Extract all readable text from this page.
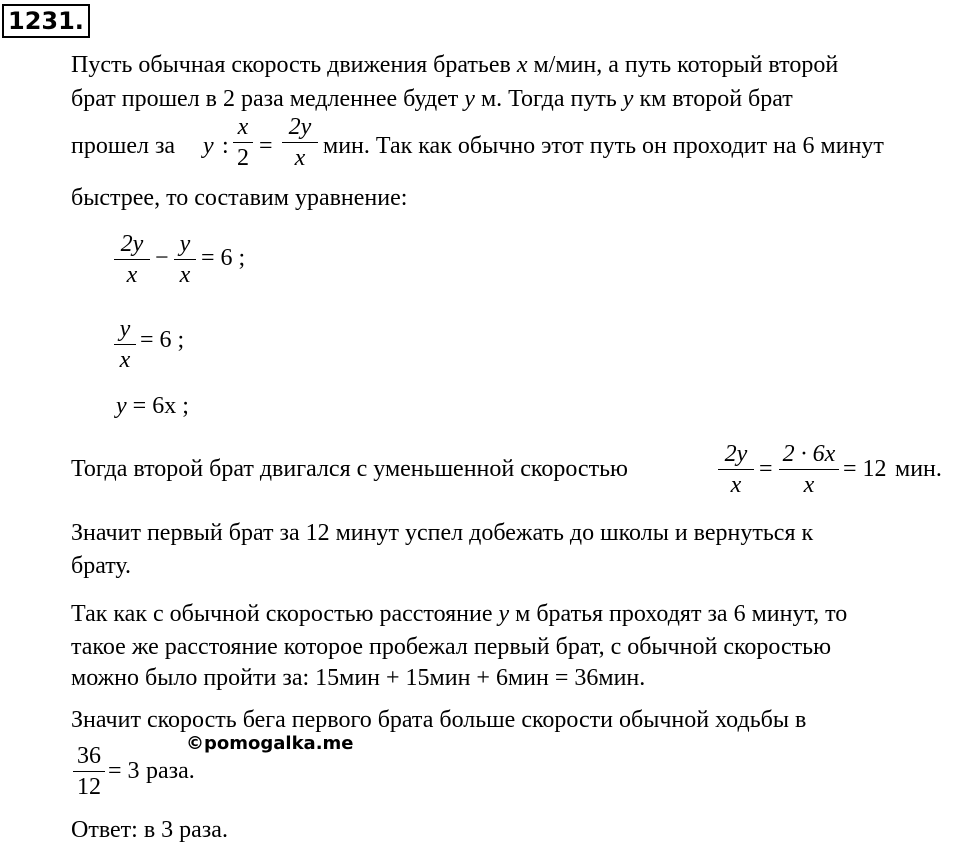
1231.
Пусть обычная скорость движения братьев x м/мин, а путь который второй
брат прошел в 2 раза медленнее будет y м. Тогда путь y км второй брат
прошел за y :
x
2 =
2y
x мин. Так как обычно этот путь он проходит на 6 минут
быстрее, то составим уравнение:
2y
x
−
y
x
= 6 ;
y
x
= 6 ;
y = 6x ;
Тогда второй брат двигался с уменьшенной скоростью
2y
x
=
2 · 6x
x
= 12 мин.
Значит первый брат за 12 минут успел добежать до школы и вернуться к
брату.
Так как с обычной скоростью расстояние y м братья проходят за 6 минут, то
такое же расстояние которое пробежал первый брат, с обычной скоростью
можно было пройти за: 15мин + 15мин + 6мин = 36мин.
Значит скорость бега первого брата больше скорости обычной ходьбы в
©pomogalka.me
36
12
= 3 раза.
Ответ: в 3 раза.
